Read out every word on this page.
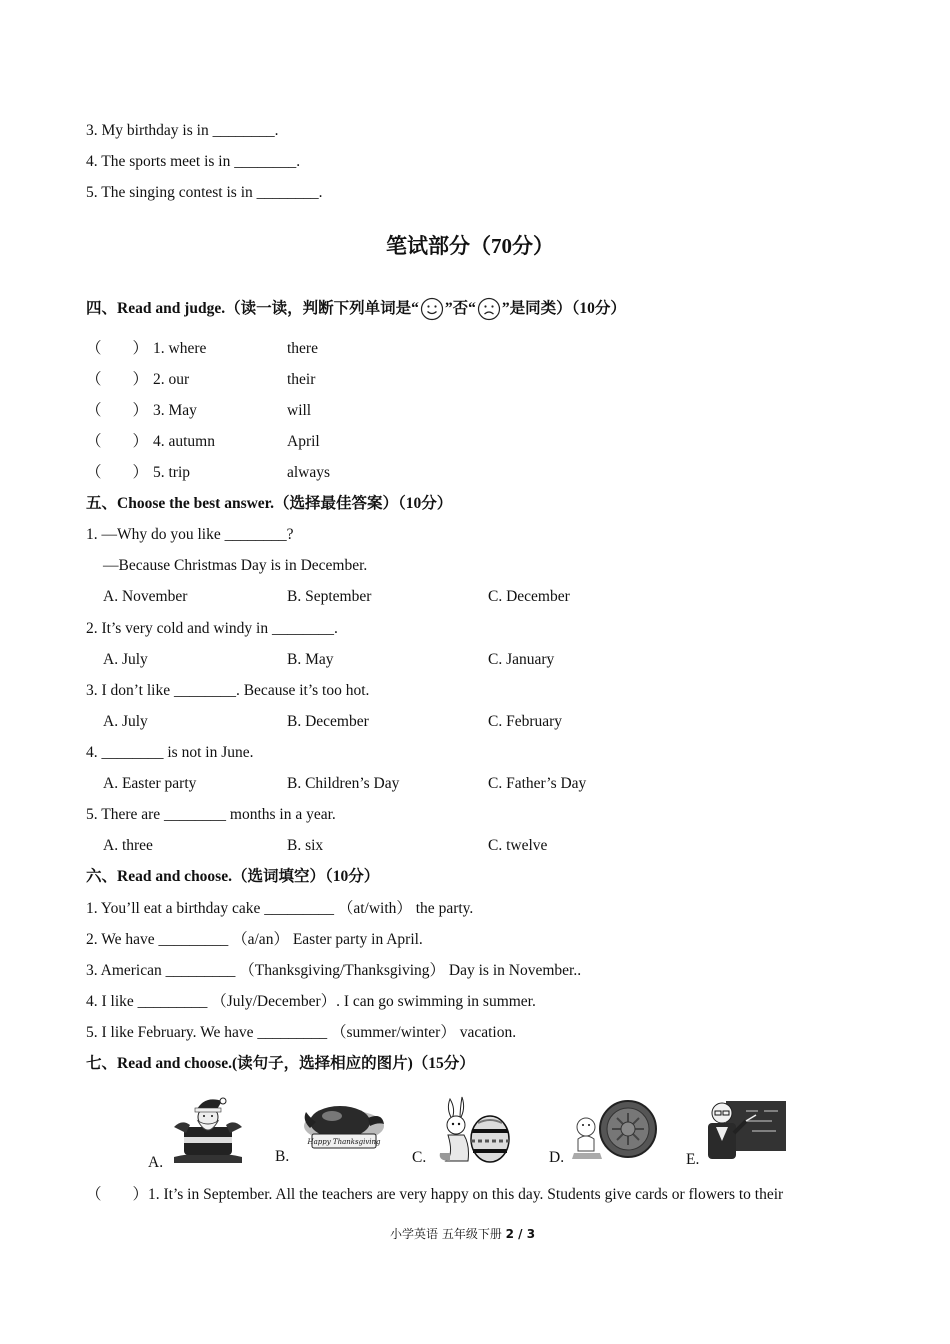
3. My birthday is in ________.
4. The sports meet is in ________.
5. The singing contest is in ________.
笔试部分（70分）
四、Read and judge.（读一读，判断下列单词是“ ”否“ ”是同类）（10分）
（　　） 1. where	there
（　　） 2. our	their
（　　） 3. May	will
（　　） 4. autumn	April
（　　） 5. trip	always
五、Choose the best answer.（选择最佳答案）（10分）
1. —Why do you like ________?
—Because Christmas Day is in December.
A. November	B. September	C. December
2. It’s very cold and windy in ________.
A. July	B. May	C. January
3. I don’t like ________. Because it’s too hot.
A. July	B. December	C. February
4. ________ is not in June.
A. Easter party	B. Children’s Day	C. Father’s Day
5. There are ________ months in a year.
A. three	B. six	C. twelve
六、Read and choose.（选词填空）（10分）
1. You’ll eat a birthday cake _________ （at/with） the party.
2. We have _________ （a/an） Easter party in April.
3. American _________ （Thanksgiving/Thanksgiving） Day is in November..
4. I like _________ （July/December）. I can go swimming in summer.
5. I like February. We have _________ （summer/winter） vacation.
七、Read and choose.(读句子，选择相应的图片)（15分）
A.
Happy Thanksgiving
B.	C.	D.	E.
（　　）1. It’s in September. All the teachers are very happy on this day. Students give cards or flowers to their
小学英语 五年级下册 2 / 3
